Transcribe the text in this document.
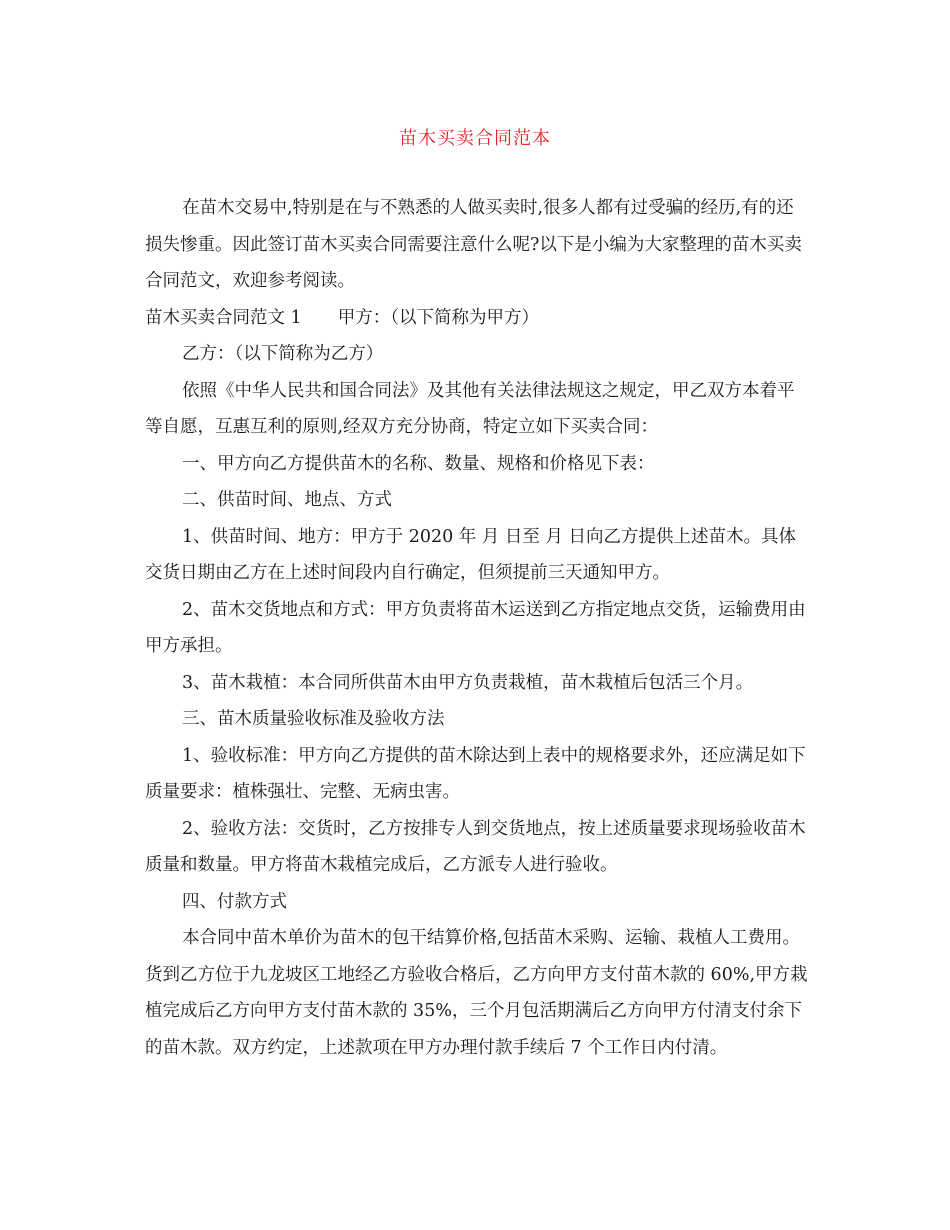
苗木买卖合同范本

在苗木交易中,特别是在与不熟悉的人做买卖时,很多人都有过受骗的经历,有的还损失惨重。因此签订苗木买卖合同需要注意什么呢?以下是小编为大家整理的苗木买卖合同范文，欢迎参考阅读。

苗木买卖合同范文 1 甲方：（以下简称为甲方）

乙方：（以下简称为乙方）

依照《中华人民共和国合同法》及其他有关法律法规这之规定，甲乙双方本着平等自愿，互惠互利的原则,经双方充分协商，特定立如下买卖合同：

一、甲方向乙方提供苗木的名称、数量、规格和价格见下表：

二、供苗时间、地点、方式

1、供苗时间、地方：甲方于 2020 年 月 日至 月 日向乙方提供上述苗木。具体交货日期由乙方在上述时间段内自行确定，但须提前三天通知甲方。

2、苗木交货地点和方式：甲方负责将苗木运送到乙方指定地点交货，运输费用由甲方承担。

3、苗木栽植：本合同所供苗木由甲方负责栽植，苗木栽植后包活三个月。

三、苗木质量验收标准及验收方法

1、验收标准：甲方向乙方提供的苗木除达到上表中的规格要求外，还应满足如下质量要求：植株强壮、完整、无病虫害。

2、验收方法：交货时，乙方按排专人到交货地点，按上述质量要求现场验收苗木质量和数量。甲方将苗木栽植完成后，乙方派专人进行验收。

四、付款方式

本合同中苗木单价为苗木的包干结算价格,包括苗木采购、运输、栽植人工费用。货到乙方位于九龙坡区工地经乙方验收合格后，乙方向甲方支付苗木款的 60%,甲方栽植完成后乙方向甲方支付苗木款的 35%，三个月包活期满后乙方向甲方付清支付余下的苗木款。双方约定，上述款项在甲方办理付款手续后 7 个工作日内付清。
